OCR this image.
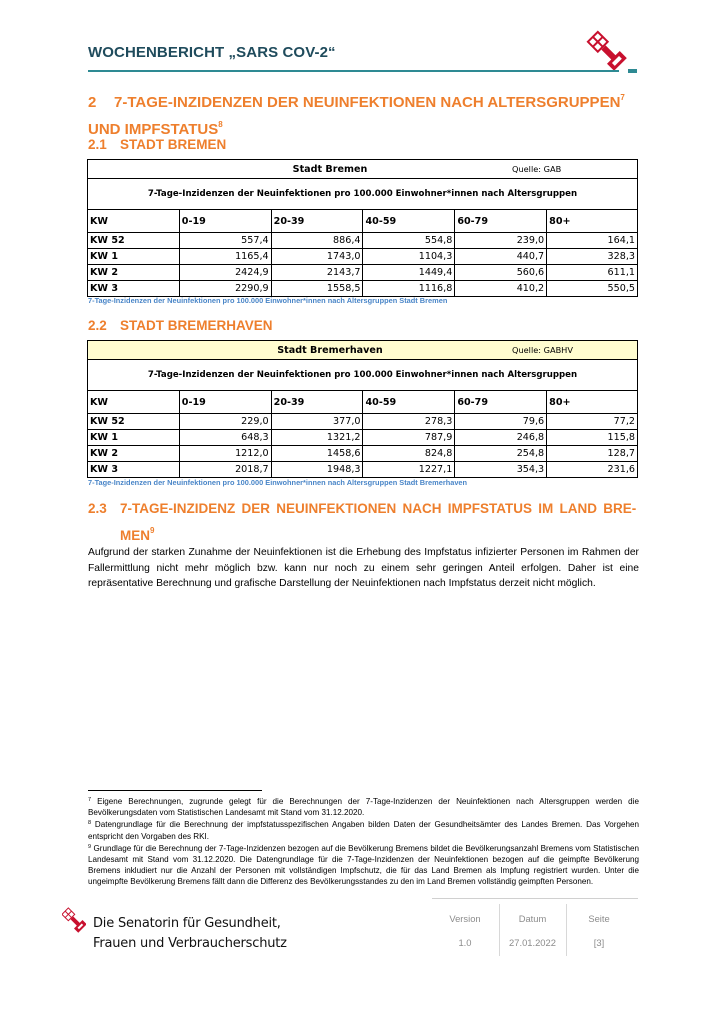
WOCHENBERICHT „SARS COV-2“
2 7-TAGE-INZIDENZEN DER NEUINFEKTIONEN NACH ALTERSGRUPPEN$^7$
UND IMPFSTATUS$^8$
2.1 STADT BREMEN
Stadt Bremen Quelle: GAB					

7-Tage-Inzidenzen der Neuinfektionen pro 100.000 Einwohner*innen nach Altersgruppen					
KW	0-19	20-39	40-59	60-79	80+
KW 52	557,4	886,4	554,8	239,0	164,1
KW 1	1165,4	1743,0	1104,3	440,7	328,3
KW 2	2424,9	2143,7	1449,4	560,6	611,1
KW 3	2290,9	1558,5	1116,8	410,2	550,5
7-Tage-Inzidenzen der Neuinfektionen pro 100.000 Einwohner*innen nach Altersgruppen Stadt Bremen
2.2 STADT BREMERHAVEN
Stadt Bremerhaven Quelle: GABHV					

7-Tage-Inzidenzen der Neuinfektionen pro 100.000 Einwohner*innen nach Altersgruppen					
KW	0-19	20-39	40-59	60-79	80+
KW 52	229,0	377,0	278,3	79,6	77,2
KW 1	648,3	1321,2	787,9	246,8	115,8
KW 2	1212,0	1458,6	824,8	254,8	128,7
KW 3	2018,7	1948,3	1227,1	354,3	231,6
7-Tage-Inzidenzen der Neuinfektionen pro 100.000 Einwohner*innen nach Altersgruppen Stadt Bremerhaven
2.3 7-TAGE-INZIDENZ DER NEUINFEKTIONEN NACH IMPFSTATUS IM LAND BRE-
MEN$^9$
Aufgrund der starken Zunahme der Neuinfektionen ist die Erhebung des Impfstatus infizierter Personen im Rahmen der Fallermittlung nicht mehr möglich bzw. kann nur noch zu einem sehr geringen Anteil erfolgen. Daher ist eine repräsentative Berechnung und grafische Darstellung der Neuinfektionen nach Impfstatus derzeit nicht möglich.
$^7$ Eigene Berechnungen, zugrunde gelegt für die Berechnungen der 7-Tage-Inzidenzen der Neuinfektionen nach Altersgruppen werden die Bevölkerungsdaten vom Statistischen Landesamt mit Stand vom 31.12.2020.
$^8$ Datengrundlage für die Berechnung der impfstatusspezifischen Angaben bilden Daten der Gesundheitsämter des Landes Bremen. Das Vorgehen entspricht den Vorgaben des RKI.
$^9$ Grundlage für die Berechnung der 7-Tage-Inzidenzen bezogen auf die Bevölkerung Bremens bildet die Bevölkerungsanzahl Bremens vom Statistischen Landesamt mit Stand vom 31.12.2020. Die Datengrundlage für die 7-Tage-Inzidenzen der Neuinfektionen bezogen auf die geimpfte Bevölkerung Bremens inkludiert nur die Anzahl der Personen mit vollständigen Impfschutz, die für das Land Bremen als Impfung registriert wurden. Unter die ungeimpfte Bevölkerung Bremens fällt dann die Differenz des Bevölkerungsstandes zu den im Land Bremen vollständig geimpften Personen.
Die Senatorin für Gesundheit,
Frauen und Verbraucherschutz
Version
1.0
Datum
27.01.2022
Seite
[3]
